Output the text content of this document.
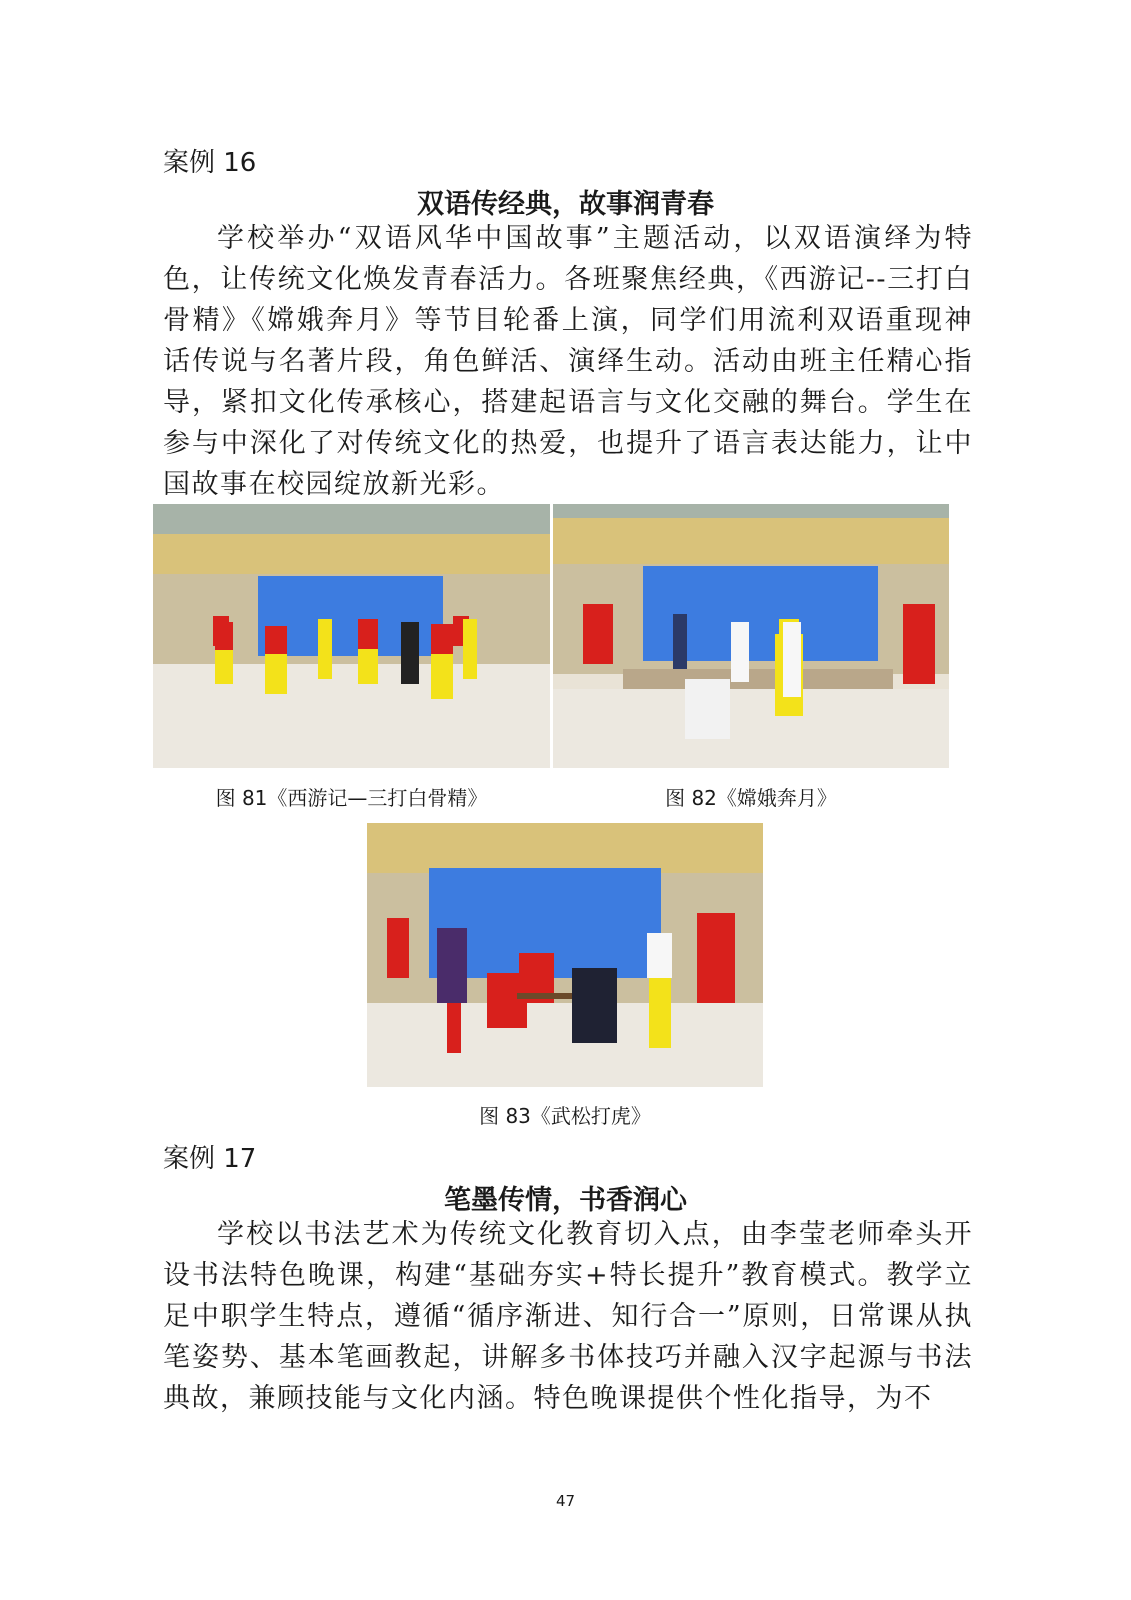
案例 16
双语传经典，故事润青春

学校举办“双语风华中国故事”主题活动，以双语演绎为特色，让传统文化焕发青春活力。各班聚焦经典，《西游记--三打白骨精》《嫦娥奔月》等节目轮番上演，同学们用流利双语重现神话传说与名著片段，角色鲜活、演绎生动。活动由班主任精心指导，紧扣文化传承核心，搭建起语言与文化交融的舞台。学生在参与中深化了对传统文化的热爱，也提升了语言表达能力，让中国故事在校园绽放新光彩。

图 81《西游记—三打白骨精》	图 82《嫦娥奔月》
图 83《武松打虎》
案例 17
笔墨传情，书香润心

学校以书法艺术为传统文化教育切入点，由李莹老师牵头开设书法特色晚课，构建“基础夯实+特长提升”教育模式。教学立足中职学生特点，遵循“循序渐进、知行合一”原则，日常课从执笔姿势、基本笔画教起，讲解多书体技巧并融入汉字起源与书法典故，兼顾技能与文化内涵。特色晚课提供个性化指导，为不

47
